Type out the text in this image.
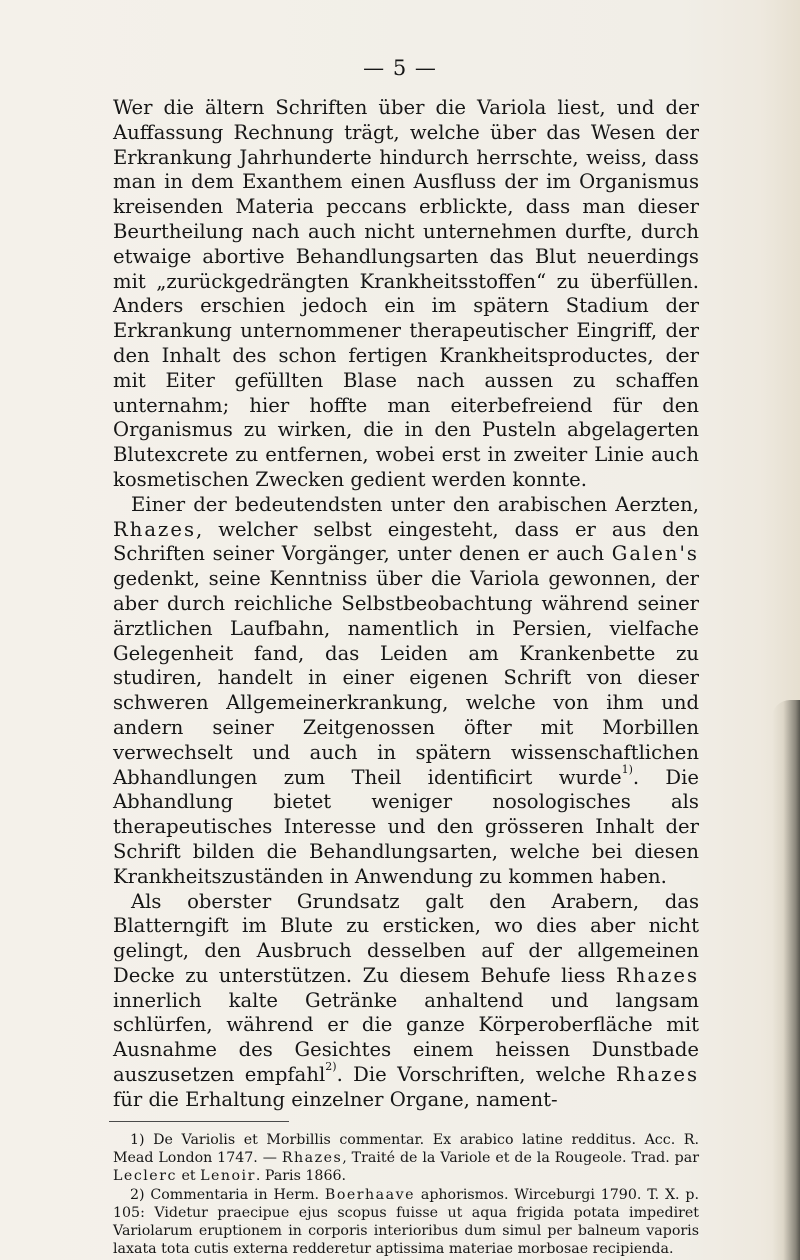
— 5 —

Wer die ältern Schriften über die Variola liest, und der Auffassung Rechnung trägt, welche über das Wesen der Erkrankung Jahrhunderte hindurch herrschte, weiss, dass man in dem Exanthem einen Ausfluss der im Organismus kreisenden Materia peccans erblickte, dass man dieser Beurtheilung nach auch nicht unternehmen durfte, durch etwaige abortive Behandlungsarten das Blut neuerdings mit „zurückgedrängten Krankheitsstoffen“ zu überfüllen. Anders erschien jedoch ein im spätern Stadium der Erkrankung unternommener therapeutischer Eingriff, der den Inhalt des schon fertigen Krankheitsproductes, der mit Eiter gefüllten Blase nach aussen zu schaffen unternahm; hier hoffte man eiterbefreiend für den Organismus zu wirken, die in den Pusteln abgelagerten Blutexcrete zu entfernen, wobei erst in zweiter Linie auch kosmetischen Zwecken gedient werden konnte.

Einer der bedeutendsten unter den arabischen Aerzten, Rhazes, welcher selbst eingesteht, dass er aus den Schriften seiner Vorgänger, unter denen er auch Galen's gedenkt, seine Kenntniss über die Variola gewonnen, der aber durch reichliche Selbstbeobachtung während seiner ärztlichen Laufbahn, namentlich in Persien, vielfache Gelegenheit fand, das Leiden am Krankenbette zu studiren, handelt in einer eigenen Schrift von dieser schweren Allgemeinerkrankung, welche von ihm und andern seiner Zeitgenossen öfter mit Morbillen verwechselt und auch in spätern wissenschaftlichen Abhandlungen zum Theil identificirt wurde$^{1)}$. Die Abhandlung bietet weniger nosologisches als therapeutisches Interesse und den grösseren Inhalt der Schrift bilden die Behandlungsarten, welche bei diesen Krankheitszuständen in Anwendung zu kommen haben.

Als oberster Grundsatz galt den Arabern, das Blatterngift im Blute zu ersticken, wo dies aber nicht gelingt, den Ausbruch desselben auf der allgemeinen Decke zu unterstützen. Zu diesem Behufe liess Rhazes innerlich kalte Getränke anhaltend und langsam schlürfen, während er die ganze Körperoberfläche mit Ausnahme des Gesichtes einem heissen Dunstbade auszusetzen empfahl$^{2)}$. Die Vorschriften, welche Rhazes für die Erhaltung einzelner Organe, nament-

1) De Variolis et Morbillis commentar. Ex arabico latine redditus. Acc. R. Mead London 1747. — Rhazes, Traité de la Variole et de la Rougeole. Trad. par Leclerc et Lenoir. Paris 1866.

2) Commentaria in Herm. Boerhaave aphorismos. Wirceburgi 1790. T. X. p. 105: Videtur praecipue ejus scopus fuisse ut aqua frigida potata impediret Variolarum eruptionem in corporis interioribus dum simul per balneum vaporis laxata tota cutis externa redderetur aptissima materiae morbosae recipienda.
